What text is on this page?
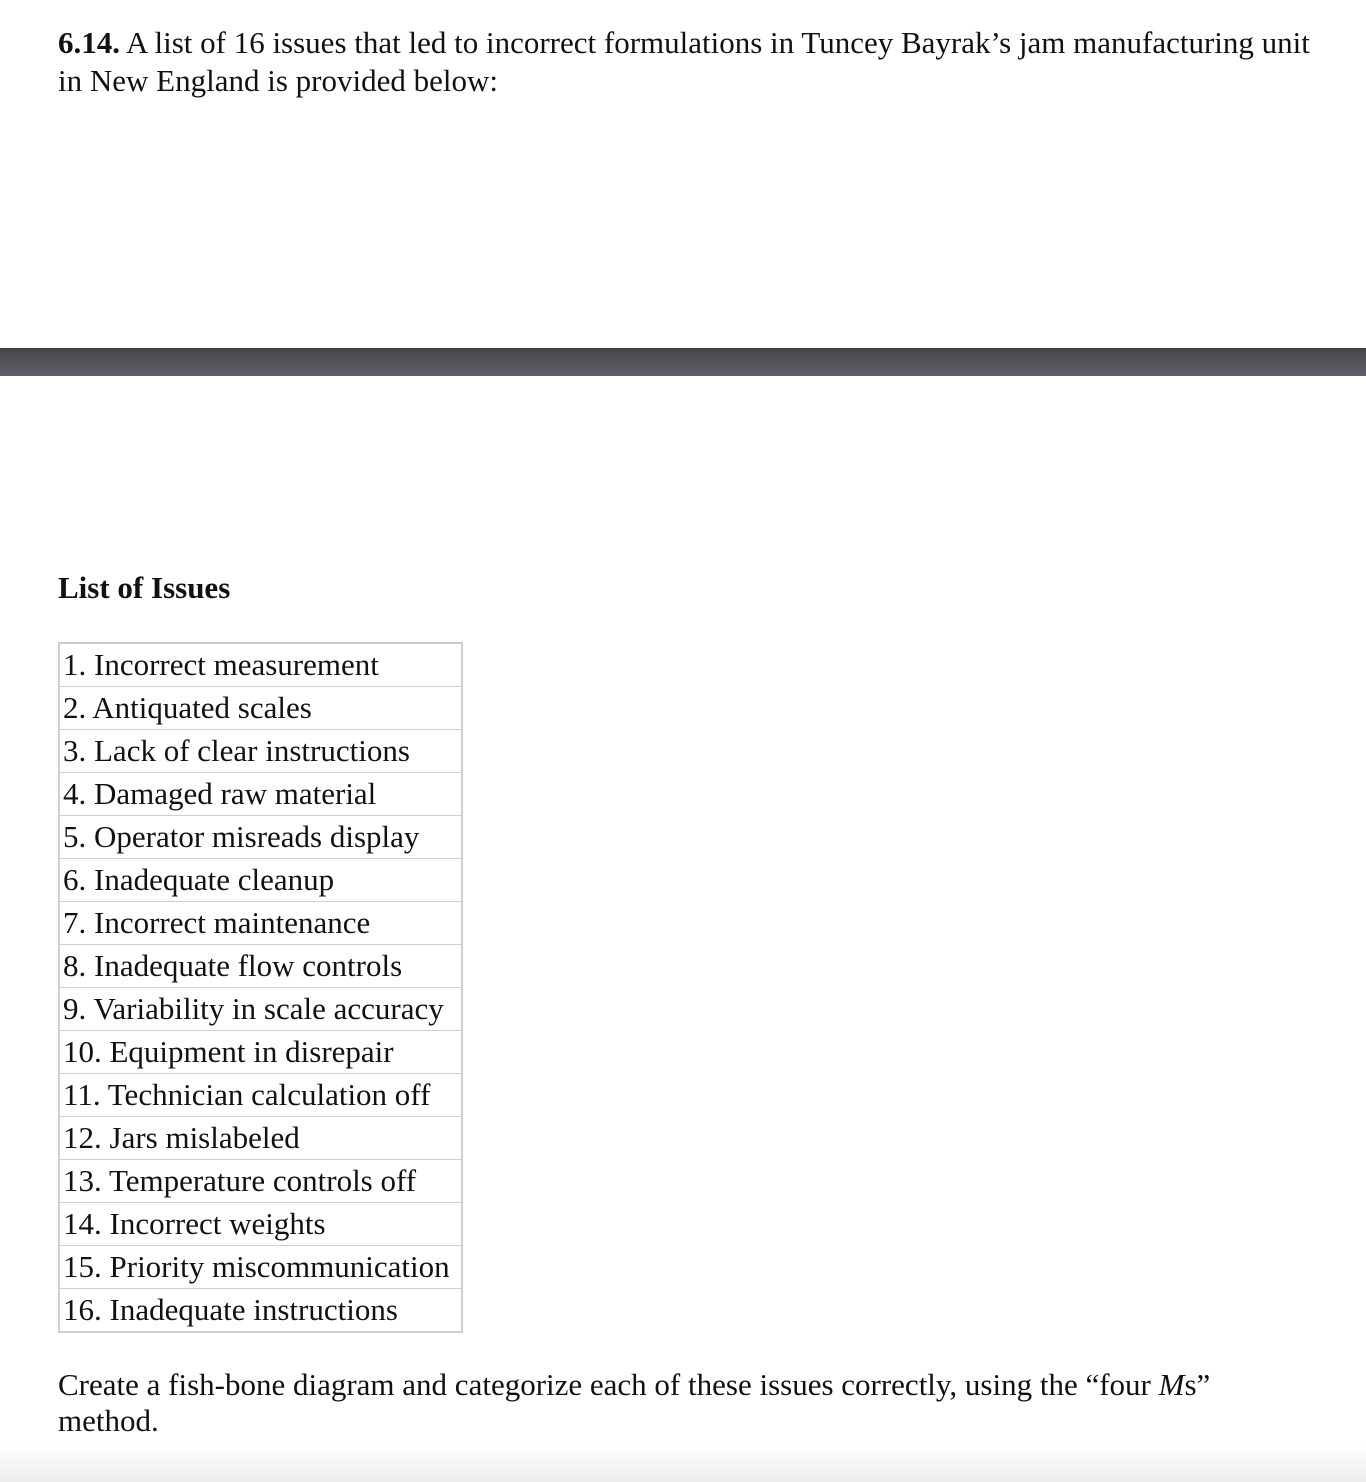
6.14. A list of 16 issues that led to incorrect formulations in Tuncey Bayrak’s jam manufacturing unit in New England is provided below:

List of Issues
1. Incorrect measurement
2. Antiquated scales
3. Lack of clear instructions
4. Damaged raw material
5. Operator misreads display
6. Inadequate cleanup
7. Incorrect maintenance
8. Inadequate flow controls
9. Variability in scale accuracy
10. Equipment in disrepair
11. Technician calculation off
12. Jars mislabeled
13. Temperature controls off
14. Incorrect weights
15. Priority miscommunication
16. Inadequate instructions

Create a fish-bone diagram and categorize each of these issues correctly, using the “four Ms” method.
